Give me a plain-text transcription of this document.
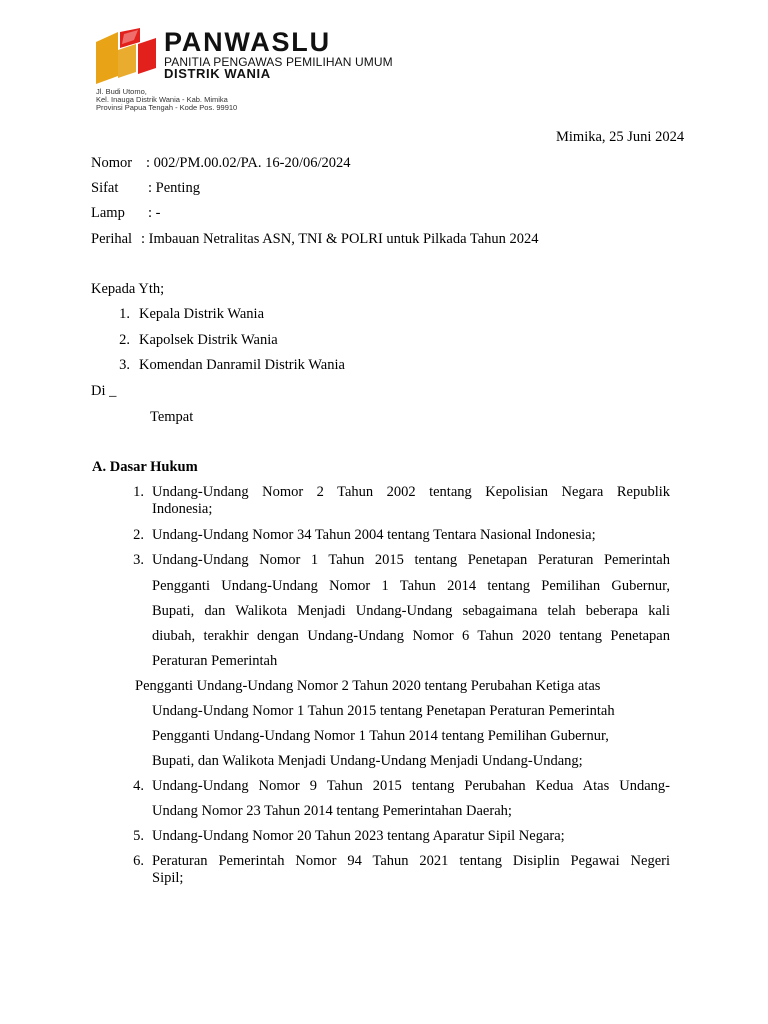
PANWASLU
PANITIA PENGAWAS PEMILIHAN UMUM
DISTRIK WANIA
Jl. Budi Utomo,
Kel. Inauga Distrik Wania - Kab. Mimika
Provinsi Papua Tengah - Kode Pos. 99910
Mimika, 25 Juni 2024
Nomor : 002/PM.00.02/PA. 16-20/06/2024
Sifat : Penting
Lamp : -
Perihal : Imbauan Netralitas ASN, TNI & POLRI untuk Pilkada Tahun 2024
Kepada Yth;
1. Kepala Distrik Wania
2. Kapolsek Distrik Wania
3. Komendan Danramil Distrik Wania
Di _
Tempat
A. Dasar Hukum
1. Undang-Undang Nomor 2 Tahun 2002 tentang Kepolisian Negara Republik
Indonesia;
2. Undang-Undang Nomor 34 Tahun 2004 tentang Tentara Nasional Indonesia;
3. Undang-Undang Nomor 1 Tahun 2015 tentang Penetapan Peraturan Pemerintah
Pengganti Undang-Undang Nomor 1 Tahun 2014 tentang Pemilihan Gubernur,
Bupati, dan Walikota Menjadi Undang-Undang sebagaimana telah beberapa kali
diubah, terakhir dengan Undang-Undang Nomor 6 Tahun 2020 tentang Penetapan
Peraturan Pemerintah
Pengganti Undang-Undang Nomor 2 Tahun 2020 tentang Perubahan Ketiga atas
Undang-Undang Nomor 1 Tahun 2015 tentang Penetapan Peraturan Pemerintah
Pengganti Undang-Undang Nomor 1 Tahun 2014 tentang Pemilihan Gubernur,
Bupati, dan Walikota Menjadi Undang-Undang Menjadi Undang-Undang;
4. Undang-Undang Nomor 9 Tahun 2015 tentang Perubahan Kedua Atas Undang-
Undang Nomor 23 Tahun 2014 tentang Pemerintahan Daerah;
5. Undang-Undang Nomor 20 Tahun 2023 tentang Aparatur Sipil Negara;
6. Peraturan Pemerintah Nomor 94 Tahun 2021 tentang Disiplin Pegawai Negeri
Sipil;
